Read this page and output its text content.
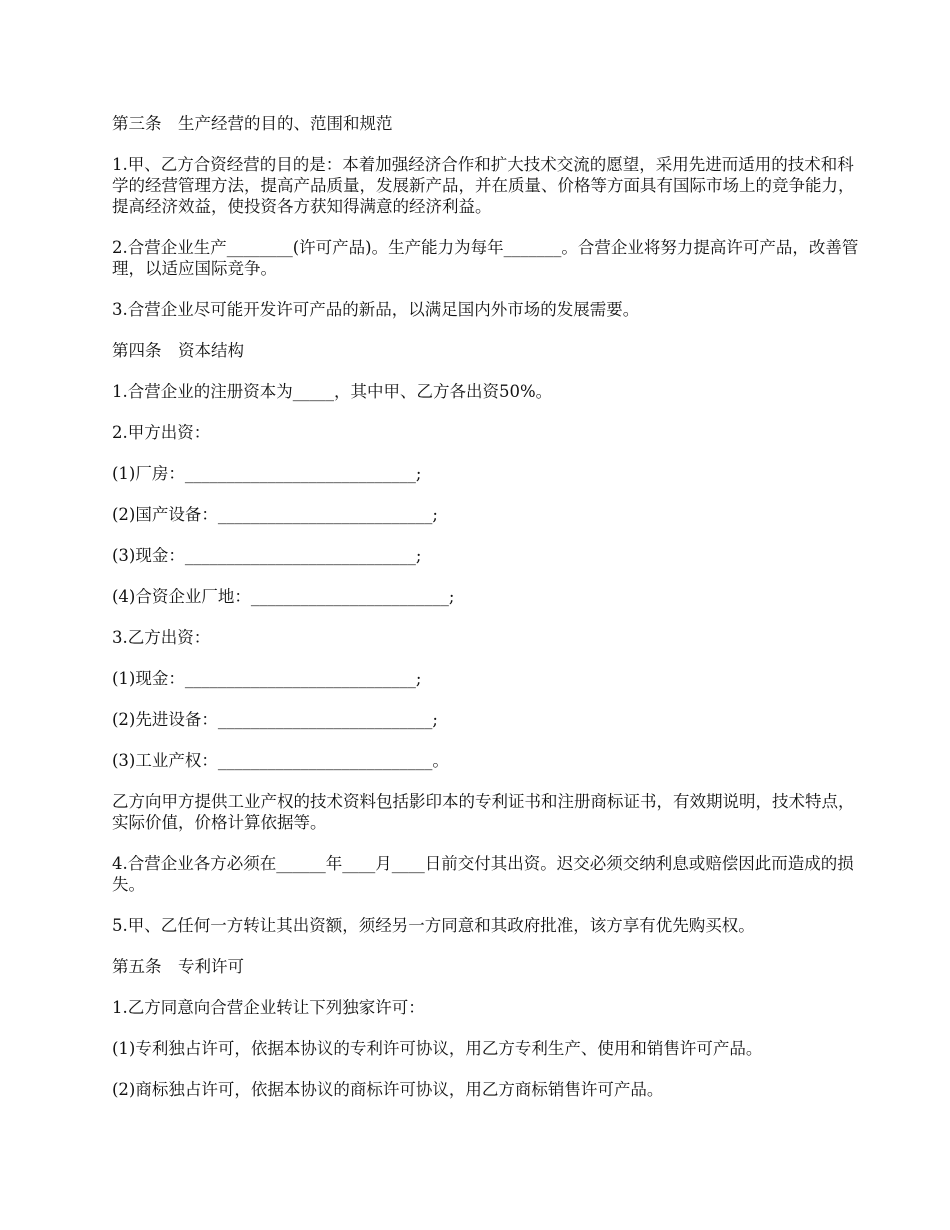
第三条　生产经营的目的、范围和规范

1.甲、乙方合资经营的目的是：本着加强经济合作和扩大技术交流的愿望，采用先进而适用的技术和科学的经营管理方法，提高产品质量，发展新产品，并在质量、价格等方面具有国际市场上的竞争能力，提高经济效益，使投资各方获知得满意的经济利益。

2.合营企业生产________(许可产品)。生产能力为每年_______。合营企业将努力提高许可产品，改善管理，以适应国际竞争。

3.合营企业尽可能开发许可产品的新品，以满足国内外市场的发展需要。

第四条　资本结构

1.合营企业的注册资本为_____，其中甲、乙方各出资50%。

2.甲方出资：

(1)厂房：____________________________;

(2)国产设备：__________________________;

(3)现金：____________________________;

(4)合资企业厂地：________________________;

3.乙方出资：

(1)现金：____________________________;

(2)先进设备：__________________________;

(3)工业产权：__________________________。

乙方向甲方提供工业产权的技术资料包括影印本的专利证书和注册商标证书，有效期说明，技术特点，实际价值，价格计算依据等。

4.合营企业各方必须在______年____月____日前交付其出资。迟交必须交纳利息或赔偿因此而造成的损失。

5.甲、乙任何一方转让其出资额，须经另一方同意和其政府批准，该方享有优先购买权。

第五条　专利许可

1.乙方同意向合营企业转让下列独家许可：

(1)专利独占许可，依据本协议的专利许可协议，用乙方专利生产、使用和销售许可产品。

(2)商标独占许可，依据本协议的商标许可协议，用乙方商标销售许可产品。
